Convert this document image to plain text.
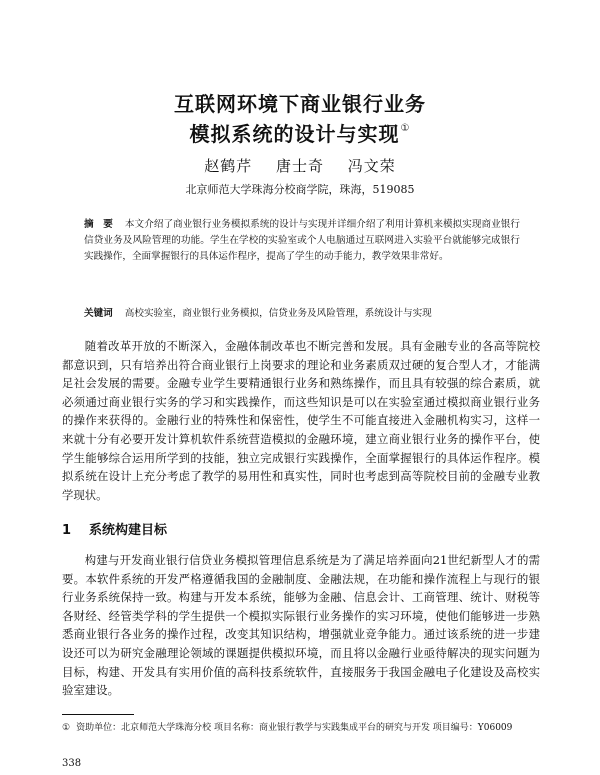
互联网环境下商业银行业务
模拟系统的设计与实现①
赵鹤芹 唐士奇 冯文荣
北京师范大学珠海分校商学院，珠海，519085
摘　要 本文介绍了商业银行业务模拟系统的设计与实现并详细介绍了利用计算机来模拟实现商业银行信贷业务及风险管理的功能。学生在学校的实验室或个人电脑通过互联网进入实验平台就能够完成银行实践操作，全面掌握银行的具体运作程序，提高了学生的动手能力，教学效果非常好。
关键词 高校实验室，商业银行业务模拟，信贷业务及风险管理，系统设计与实现

随着改革开放的不断深入，金融体制改革也不断完善和发展。具有金融专业的各高等院校都意识到，只有培养出符合商业银行上岗要求的理论和业务素质双过硬的复合型人才，才能满足社会发展的需要。金融专业学生要精通银行业务和熟练操作，而且具有较强的综合素质，就必须通过商业银行实务的学习和实践操作，而这些知识是可以在实验室通过模拟商业银行业务的操作来获得的。金融行业的特殊性和保密性，使学生不可能直接进入金融机构实习，这样一来就十分有必要开发计算机软件系统营造模拟的金融环境，建立商业银行业务的操作平台，使学生能够综合运用所学到的技能，独立完成银行实践操作，全面掌握银行的具体运作程序。模拟系统在设计上充分考虑了教学的易用性和真实性，同时也考虑到高等院校目前的金融专业教学现状。

1 系统构建目标

构建与开发商业银行信贷业务模拟管理信息系统是为了满足培养面向21世纪新型人才的需要。本软件系统的开发严格遵循我国的金融制度、金融法规，在功能和操作流程上与现行的银行业务系统保持一致。构建与开发本系统，能够为金融、信息会计、工商管理、统计、财税等各财经、经管类学科的学生提供一个模拟实际银行业务操作的实习环境，使他们能够进一步熟悉商业银行各业务的操作过程，改变其知识结构，增强就业竞争能力。通过该系统的进一步建设还可以为研究金融理论领域的课题提供模拟环境，而且将以金融行业亟待解决的现实问题为目标，构建、开发具有实用价值的高科技系统软件，直接服务于我国金融电子化建设及高校实验室建设。

① 资助单位：北京师范大学珠海分校 项目名称：商业银行教学与实践集成平台的研究与开发 项目编号：Y06009
338
